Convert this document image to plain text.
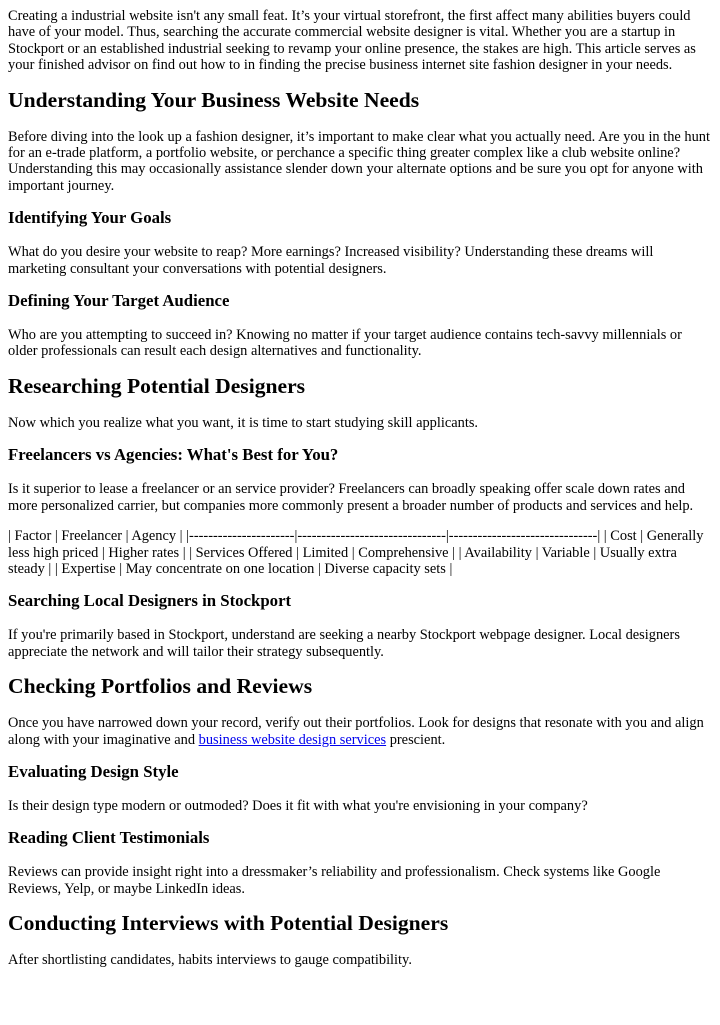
Creating a industrial website isn't any small feat. It’s your virtual storefront, the first affect many abilities buyers could have of your model. Thus, searching the accurate commercial website designer is vital. Whether you are a startup in Stockport or an established industrial seeking to revamp your online presence, the stakes are high. This article serves as your finished advisor on find out how to in finding the precise business internet site fashion designer in your needs.

Understanding Your Business Website Needs

Before diving into the look up a fashion designer, it’s important to make clear what you actually need. Are you in the hunt for an e-trade platform, a portfolio website, or perchance a specific thing greater complex like a club website online? Understanding this may occasionally assistance slender down your alternate options and be sure you opt for anyone with important journey.

Identifying Your Goals

What do you desire your website to reap? More earnings? Increased visibility? Understanding these dreams will marketing consultant your conversations with potential designers.

Defining Your Target Audience

Who are you attempting to succeed in? Knowing no matter if your target audience contains tech-savvy millennials or older professionals can result each design alternatives and functionality.

Researching Potential Designers

Now which you realize what you want, it is time to start studying skill applicants.

Freelancers vs Agencies: What's Best for You?

Is it superior to lease a freelancer or an service provider? Freelancers can broadly speaking offer scale down rates and more personalized carrier, but companies more commonly present a broader number of products and services and help.

| Factor | Freelancer | Agency | |----------------------|-------------------------------|-------------------------------| | Cost | Generally less high priced | Higher rates | | Services Offered | Limited | Comprehensive | | Availability | Variable | Usually extra steady | | Expertise | May concentrate on one location | Diverse capacity sets |

Searching Local Designers in Stockport

If you're primarily based in Stockport, understand are seeking a nearby Stockport webpage designer. Local designers appreciate the network and will tailor their strategy subsequently.

Checking Portfolios and Reviews

Once you have narrowed down your record, verify out their portfolios. Look for designs that resonate with you and align along with your imaginative and business website design services prescient.

Evaluating Design Style

Is their design type modern or outmoded? Does it fit with what you're envisioning in your company?

Reading Client Testimonials

Reviews can provide insight right into a dressmaker’s reliability and professionalism. Check systems like Google Reviews, Yelp, or maybe LinkedIn ideas.

Conducting Interviews with Potential Designers

After shortlisting candidates, habits interviews to gauge compatibility.
